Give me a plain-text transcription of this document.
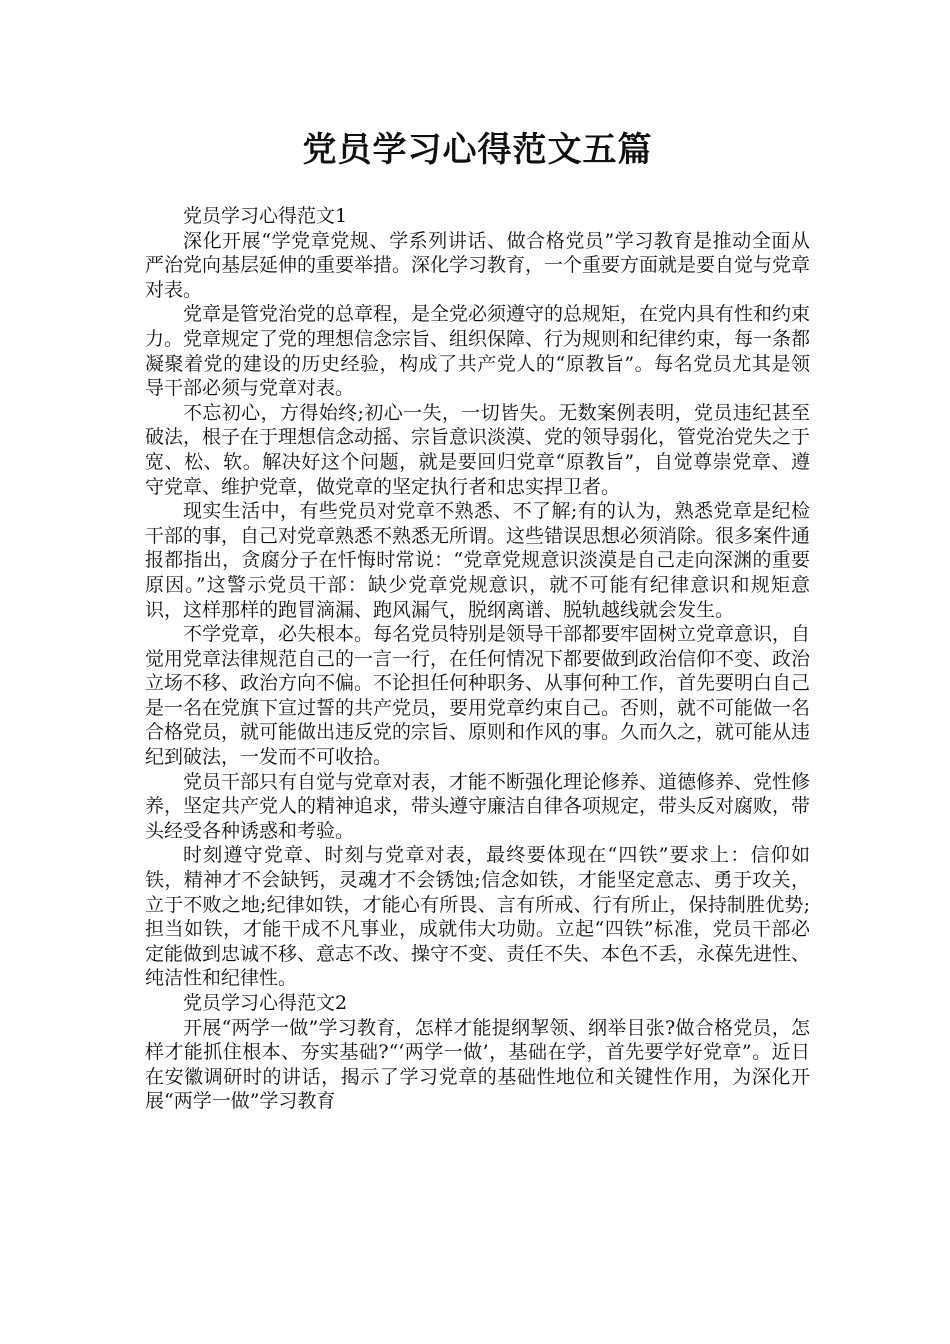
党员学习心得范文五篇

党员学习心得范文1

深化开展“学党章党规、学系列讲话、做合格党员”学习教育是推动全面从严治党向基层延伸的重要举措。深化学习教育，一个重要方面就是要自觉与党章对表。

党章是管党治党的总章程，是全党必须遵守的总规矩，在党内具有性和约束力。党章规定了党的理想信念宗旨、组织保障、行为规则和纪律约束，每一条都凝聚着党的建设的历史经验，构成了共产党人的“原教旨”。每名党员尤其是领导干部必须与党章对表。

不忘初心，方得始终;初心一失，一切皆失。无数案例表明，党员违纪甚至破法，根子在于理想信念动摇、宗旨意识淡漠、党的领导弱化，管党治党失之于宽、松、软。解决好这个问题，就是要回归党章“原教旨”，自觉尊崇党章、遵守党章、维护党章，做党章的坚定执行者和忠实捍卫者。

现实生活中，有些党员对党章不熟悉、不了解;有的认为，熟悉党章是纪检干部的事，自己对党章熟悉不熟悉无所谓。这些错误思想必须消除。很多案件通报都指出，贪腐分子在忏悔时常说：“党章党规意识淡漠是自己走向深渊的重要原因。”这警示党员干部：缺少党章党规意识，就不可能有纪律意识和规矩意识，这样那样的跑冒滴漏、跑风漏气，脱纲离谱、脱轨越线就会发生。

不学党章，必失根本。每名党员特别是领导干部都要牢固树立党章意识，自觉用党章法律规范自己的一言一行，在任何情况下都要做到政治信仰不变、政治立场不移、政治方向不偏。不论担任何种职务、从事何种工作，首先要明白自己是一名在党旗下宣过誓的共产党员，要用党章约束自己。否则，就不可能做一名合格党员，就可能做出违反党的宗旨、原则和作风的事。久而久之，就可能从违纪到破法，一发而不可收拾。

党员干部只有自觉与党章对表，才能不断强化理论修养、道德修养、党性修养，坚定共产党人的精神追求，带头遵守廉洁自律各项规定，带头反对腐败，带头经受各种诱惑和考验。

时刻遵守党章、时刻与党章对表，最终要体现在“四铁”要求上：信仰如铁，精神才不会缺钙，灵魂才不会锈蚀;信念如铁，才能坚定意志、勇于攻关，立于不败之地;纪律如铁，才能心有所畏、言有所戒、行有所止，保持制胜优势;担当如铁，才能干成不凡事业，成就伟大功勋。立起“四铁”标准，党员干部必定能做到忠诚不移、意志不改、操守不变、责任不失、本色不丢，永葆先进性、纯洁性和纪律性。

党员学习心得范文2

开展“两学一做”学习教育，怎样才能提纲挈领、纲举目张?做合格党员，怎样才能抓住根本、夯实基础?“‘两学一做’，基础在学，首先要学好党章”。近日在安徽调研时的讲话，揭示了学习党章的基础性地位和关键性作用，为深化开展“两学一做”学习教育
